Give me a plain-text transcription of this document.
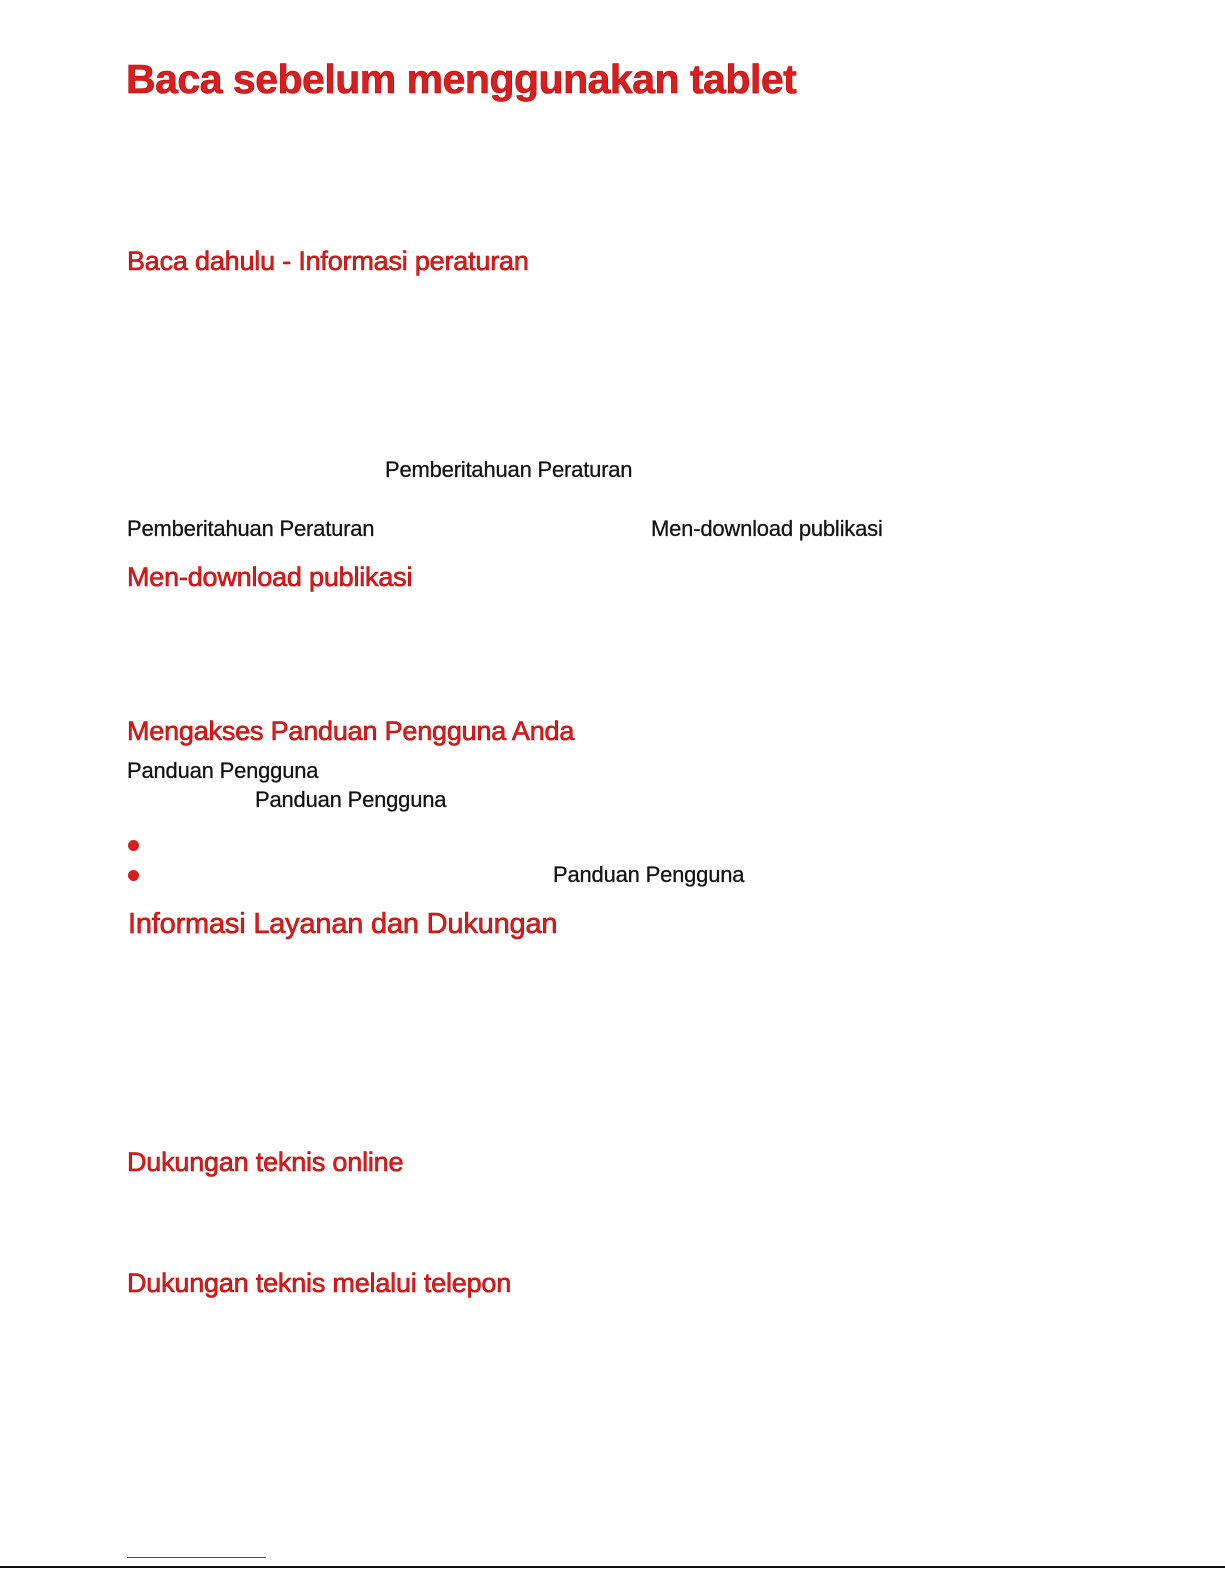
Baca sebelum menggunakan tablet
Baca dahulu - Informasi peraturan
Pemberitahuan Peraturan
Pemberitahuan Peraturan	Men-download publikasi
Men-download publikasi
Mengakses Panduan Pengguna Anda
Panduan Pengguna
Panduan Pengguna
Panduan Pengguna
Informasi Layanan dan Dukungan
Dukungan teknis online
Dukungan teknis melalui telepon
